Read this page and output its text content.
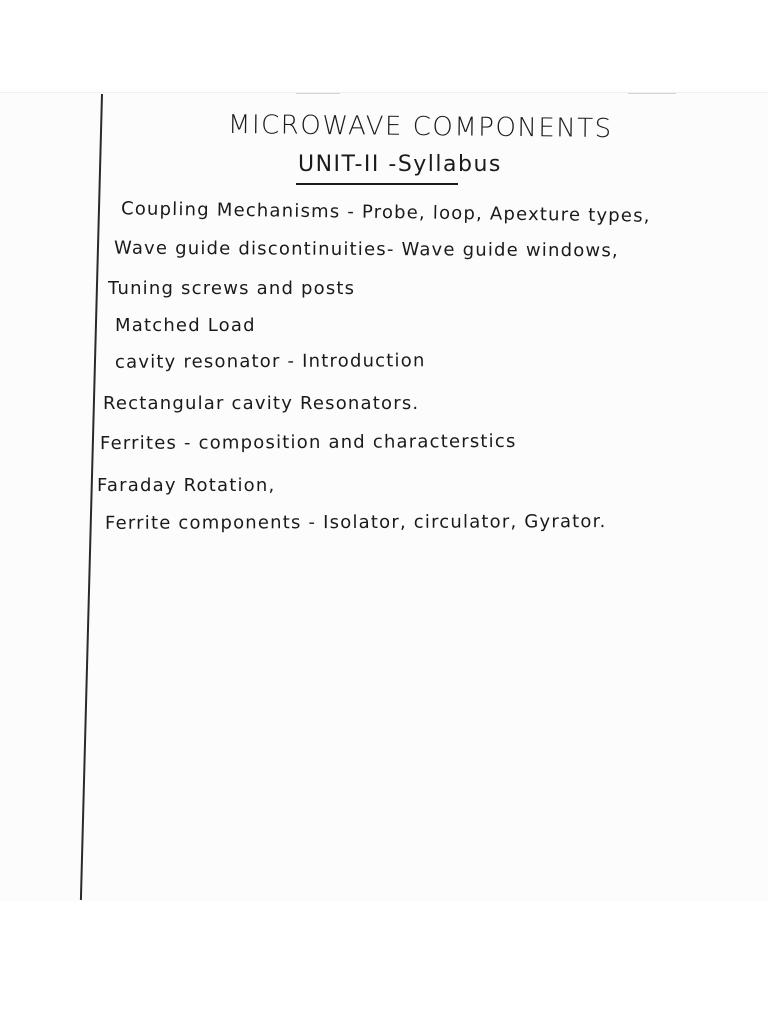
MICROWAVE COMPONENTS
UNIT-II -Syllabus
Coupling Mechanisms - Probe, loop, Apexture types,
Wave guide discontinuities- Wave guide windows,
Tuning screws and posts
Matched Load
cavity resonator - Introduction
Rectangular cavity Resonators.
Ferrites - composition and characterstics
Faraday Rotation,
Ferrite components - Isolator, circulator, Gyrator.
